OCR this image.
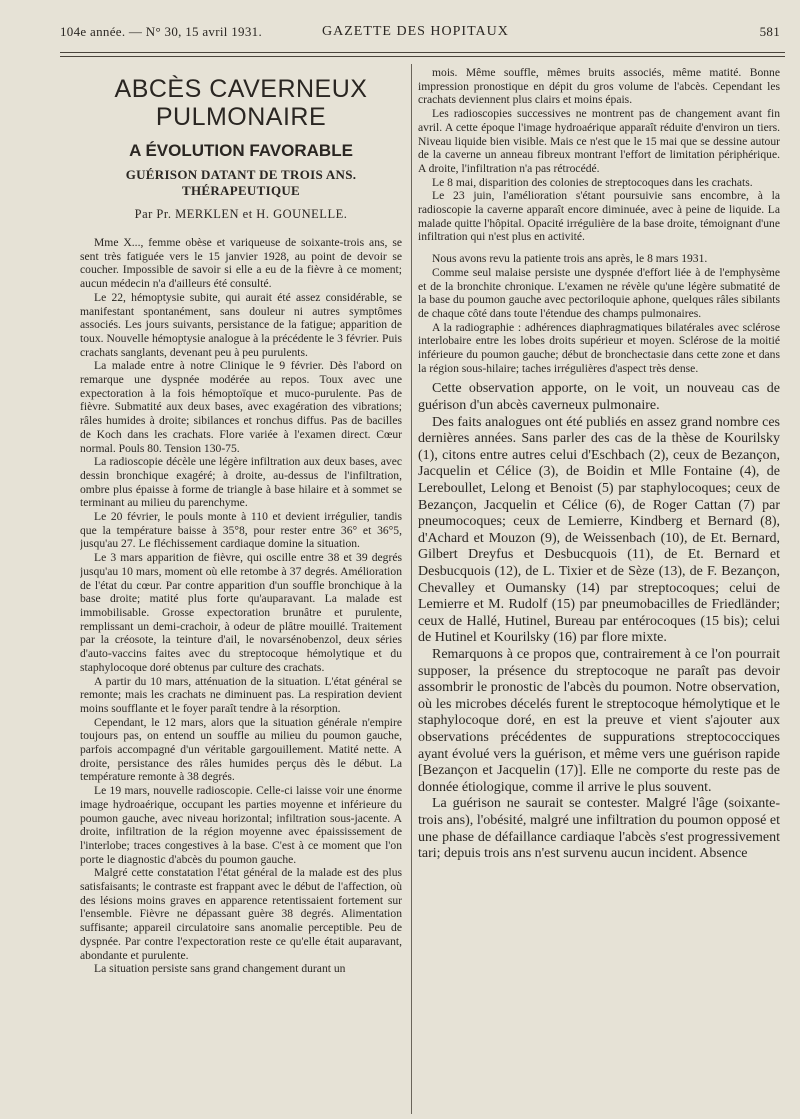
104e année. — N° 30, 15 avril 1931.	GAZETTE DES HOPITAUX	581
ABCÈS CAVERNEUX PULMONAIRE
A ÉVOLUTION FAVORABLE
GUÉRISON DATANT DE TROIS ANS. THÉRAPEUTIQUE
Par Pr. MERKLEN et H. GOUNELLE.

Mme X..., femme obèse et variqueuse de soixante-trois ans, se sent très fatiguée vers le 15 janvier 1928, au point de devoir se coucher. Impossible de savoir si elle a eu de la fièvre à ce moment; aucun médecin n'a d'ailleurs été consulté.

Le 22, hémoptysie subite, qui aurait été assez considérable, se manifestant spontanément, sans douleur ni autres symptômes associés. Les jours suivants, persistance de la fatigue; apparition de toux. Nouvelle hémoptysie analogue à la précédente le 3 février. Puis crachats sanglants, devenant peu à peu purulents.

La malade entre à notre Clinique le 9 février. Dès l'abord on remarque une dyspnée modérée au repos. Toux avec une expectoration à la fois hémoptoïque et muco-purulente. Pas de fièvre. Submatité aux deux bases, avec exagération des vibrations; râles humides à droite; sibilances et ronchus diffus. Pas de bacilles de Koch dans les crachats. Flore variée à l'examen direct. Cœur normal. Pouls 80. Tension 130-75.

La radioscopie décèle une légère infiltration aux deux bases, avec dessin bronchique exagéré; à droite, au-dessus de l'infiltration, ombre plus épaisse à forme de triangle à base hilaire et à sommet se terminant au milieu du parenchyme.

Le 20 février, le pouls monte à 110 et devient irrégulier, tandis que la température baisse à 35°8, pour rester entre 36° et 36°5, jusqu'au 27. Le fléchissement cardiaque domine la situation.

Le 3 mars apparition de fièvre, qui oscille entre 38 et 39 degrés jusqu'au 10 mars, moment où elle retombe à 37 degrés. Amélioration de l'état du cœur. Par contre apparition d'un souffle bronchique à la base droite; matité plus forte qu'auparavant. La malade est immobilisable. Grosse expectoration brunâtre et purulente, remplissant un demi-crachoir, à odeur de plâtre mouillé. Traitement par la créosote, la teinture d'ail, le novarsénobenzol, deux séries d'auto-vaccins faites avec du streptocoque hémolytique et du staphylocoque doré obtenus par culture des crachats.

A partir du 10 mars, atténuation de la situation. L'état général se remonte; mais les crachats ne diminuent pas. La respiration devient moins soufflante et le foyer paraît tendre à la résorption.

Cependant, le 12 mars, alors que la situation générale n'empire toujours pas, on entend un souffle au milieu du poumon gauche, parfois accompagné d'un véritable gargouillement. Matité nette. A droite, persistance des râles humides perçus dès le début. La température remonte à 38 degrés.

Le 19 mars, nouvelle radioscopie. Celle-ci laisse voir une énorme image hydroaérique, occupant les parties moyenne et inférieure du poumon gauche, avec niveau horizontal; infiltration sous-jacente. A droite, infiltration de la région moyenne avec épaississement de l'interlobe; traces congestives à la base. C'est à ce moment que l'on porte le diagnostic d'abcès du poumon gauche.

Malgré cette constatation l'état général de la malade est des plus satisfaisants; le contraste est frappant avec le début de l'affection, où des lésions moins graves en apparence retentissaient fortement sur l'ensemble. Fièvre ne dépassant guère 38 degrés. Alimentation suffisante; appareil circulatoire sans anomalie perceptible. Peu de dyspnée. Par contre l'expectoration reste ce qu'elle était auparavant, abondante et purulente.

La situation persiste sans grand changement durant un

mois. Même souffle, mêmes bruits associés, même matité. Bonne impression pronostique en dépit du gros volume de l'abcès. Cependant les crachats deviennent plus clairs et moins épais.

Les radioscopies successives ne montrent pas de changement avant fin avril. A cette époque l'image hydroaérique apparaît réduite d'environ un tiers. Niveau liquide bien visible. Mais ce n'est que le 15 mai que se dessine autour de la caverne un anneau fibreux montrant l'effort de limitation périphérique. A droite, l'infiltration n'a pas rétrocédé.

Le 8 mai, disparition des colonies de streptocoques dans les crachats.

Le 23 juin, l'amélioration s'étant poursuivie sans encombre, à la radioscopie la caverne apparaît encore diminuée, avec à peine de liquide. La malade quitte l'hôpital. Opacité irrégulière de la base droite, témoignant d'une infiltration qui n'est plus en activité.

Nous avons revu la patiente trois ans après, le 8 mars 1931.

Comme seul malaise persiste une dyspnée d'effort liée à de l'emphysème et de la bronchite chronique. L'examen ne révèle qu'une légère submatité de la base du poumon gauche avec pectoriloquie aphone, quelques râles sibilants de chaque côté dans toute l'étendue des champs pulmonaires.

A la radiographie : adhérences diaphragmatiques bilatérales avec sclérose interlobaire entre les lobes droits supérieur et moyen. Sclérose de la moitié inférieure du poumon gauche; début de bronchectasie dans cette zone et dans la région sous-hilaire; taches irrégulières d'aspect très dense.

Cette observation apporte, on le voit, un nouveau cas de guérison d'un abcès caverneux pulmonaire.

Des faits analogues ont été publiés en assez grand nombre ces dernières années. Sans parler des cas de la thèse de Kourilsky (1), citons entre autres celui d'Eschbach (2), ceux de Bezançon, Jacquelin et Célice (3), de Boidin et Mlle Fontaine (4), de Lereboullet, Lelong et Benoist (5) par staphylocoques; ceux de Bezançon, Jacquelin et Célice (6), de Roger Cattan (7) par pneumocoques; ceux de Lemierre, Kindberg et Bernard (8), d'Achard et Mouzon (9), de Weissenbach (10), de Et. Bernard, Gilbert Dreyfus et Desbucquois (11), de Et. Bernard et Desbucquois (12), de L. Tixier et de Sèze (13), de F. Bezançon, Chevalley et Oumansky (14) par streptocoques; celui de Lemierre et M. Rudolf (15) par pneumobacilles de Friedländer; ceux de Hallé, Hutinel, Bureau par entérocoques (15 bis); celui de Hutinel et Kourilsky (16) par flore mixte.

Remarquons à ce propos que, contrairement à ce l'on pourrait supposer, la présence du streptocoque ne paraît pas devoir assombrir le pronostic de l'abcès du poumon. Notre observation, où les microbes décelés furent le streptocoque hémolytique et le staphylocoque doré, en est la preuve et vient s'ajouter aux observations précédentes de suppurations streptococciques ayant évolué vers la guérison, et même vers une guérison rapide [Bezançon et Jacquelin (17)]. Elle ne comporte du reste pas de donnée étiologique, comme il arrive le plus souvent.

La guérison ne saurait se contester. Malgré l'âge (soixante-trois ans), l'obésité, malgré une infiltration du poumon opposé et une phase de défaillance cardiaque l'abcès s'est progressivement tari; depuis trois ans n'est survenu aucun incident. Absence
